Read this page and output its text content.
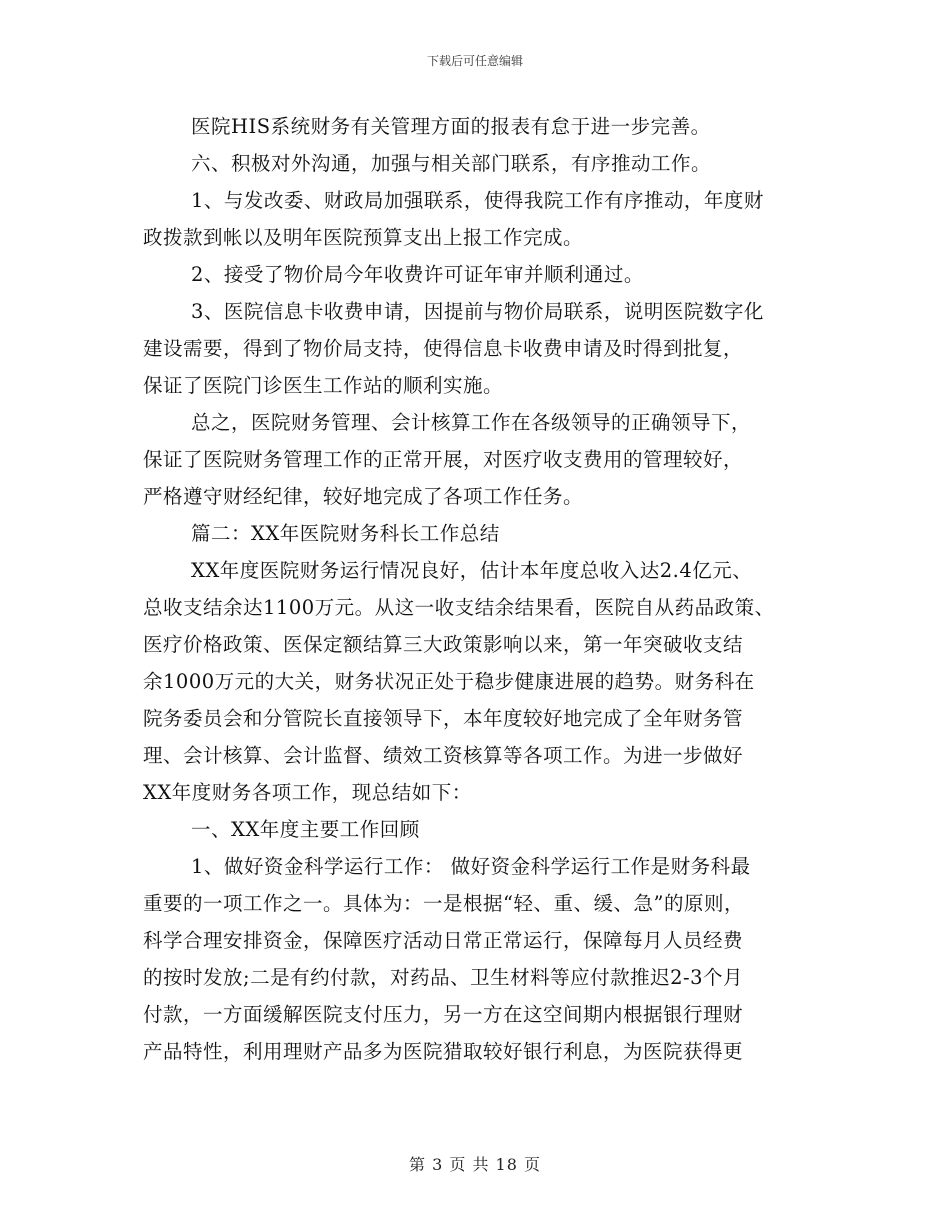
下载后可任意编辑
医院HIS系统财务有关管理方面的报表有怠于进一步完善。
六、积极对外沟通，加强与相关部门联系，有序推动工作。
1、与发改委、财政局加强联系，使得我院工作有序推动，年度财
政拨款到帐以及明年医院预算支出上报工作完成。
2、接受了物价局今年收费许可证年审并顺利通过。
3、医院信息卡收费申请，因提前与物价局联系，说明医院数字化
建设需要，得到了物价局支持，使得信息卡收费申请及时得到批复，
保证了医院门诊医生工作站的顺利实施。
总之，医院财务管理、会计核算工作在各级领导的正确领导下，
保证了医院财务管理工作的正常开展，对医疗收支费用的管理较好，
严格遵守财经纪律，较好地完成了各项工作任务。
篇二：XX年医院财务科长工作总结
XX年度医院财务运行情况良好，估计本年度总收入达2.4亿元、
总收支结余达1100万元。从这一收支结余结果看，医院自从药品政策、
医疗价格政策、医保定额结算三大政策影响以来，第一年突破收支结
余1000万元的大关，财务状况正处于稳步健康进展的趋势。财务科在
院务委员会和分管院长直接领导下，本年度较好地完成了全年财务管
理、会计核算、会计监督、绩效工资核算等各项工作。为进一步做好
XX年度财务各项工作，现总结如下：
一、XX年度主要工作回顾
1、做好资金科学运行工作： 做好资金科学运行工作是财务科最
重要的一项工作之一。具体为：一是根据“轻、重、缓、急”的原则，
科学合理安排资金，保障医疗活动日常正常运行，保障每月人员经费
的按时发放;二是有约付款，对药品、卫生材料等应付款推迟2-3个月
付款，一方面缓解医院支付压力，另一方在这空间期内根据银行理财
产品特性，利用理财产品多为医院猎取较好银行利息，为医院获得更
第 3 页 共 18 页
